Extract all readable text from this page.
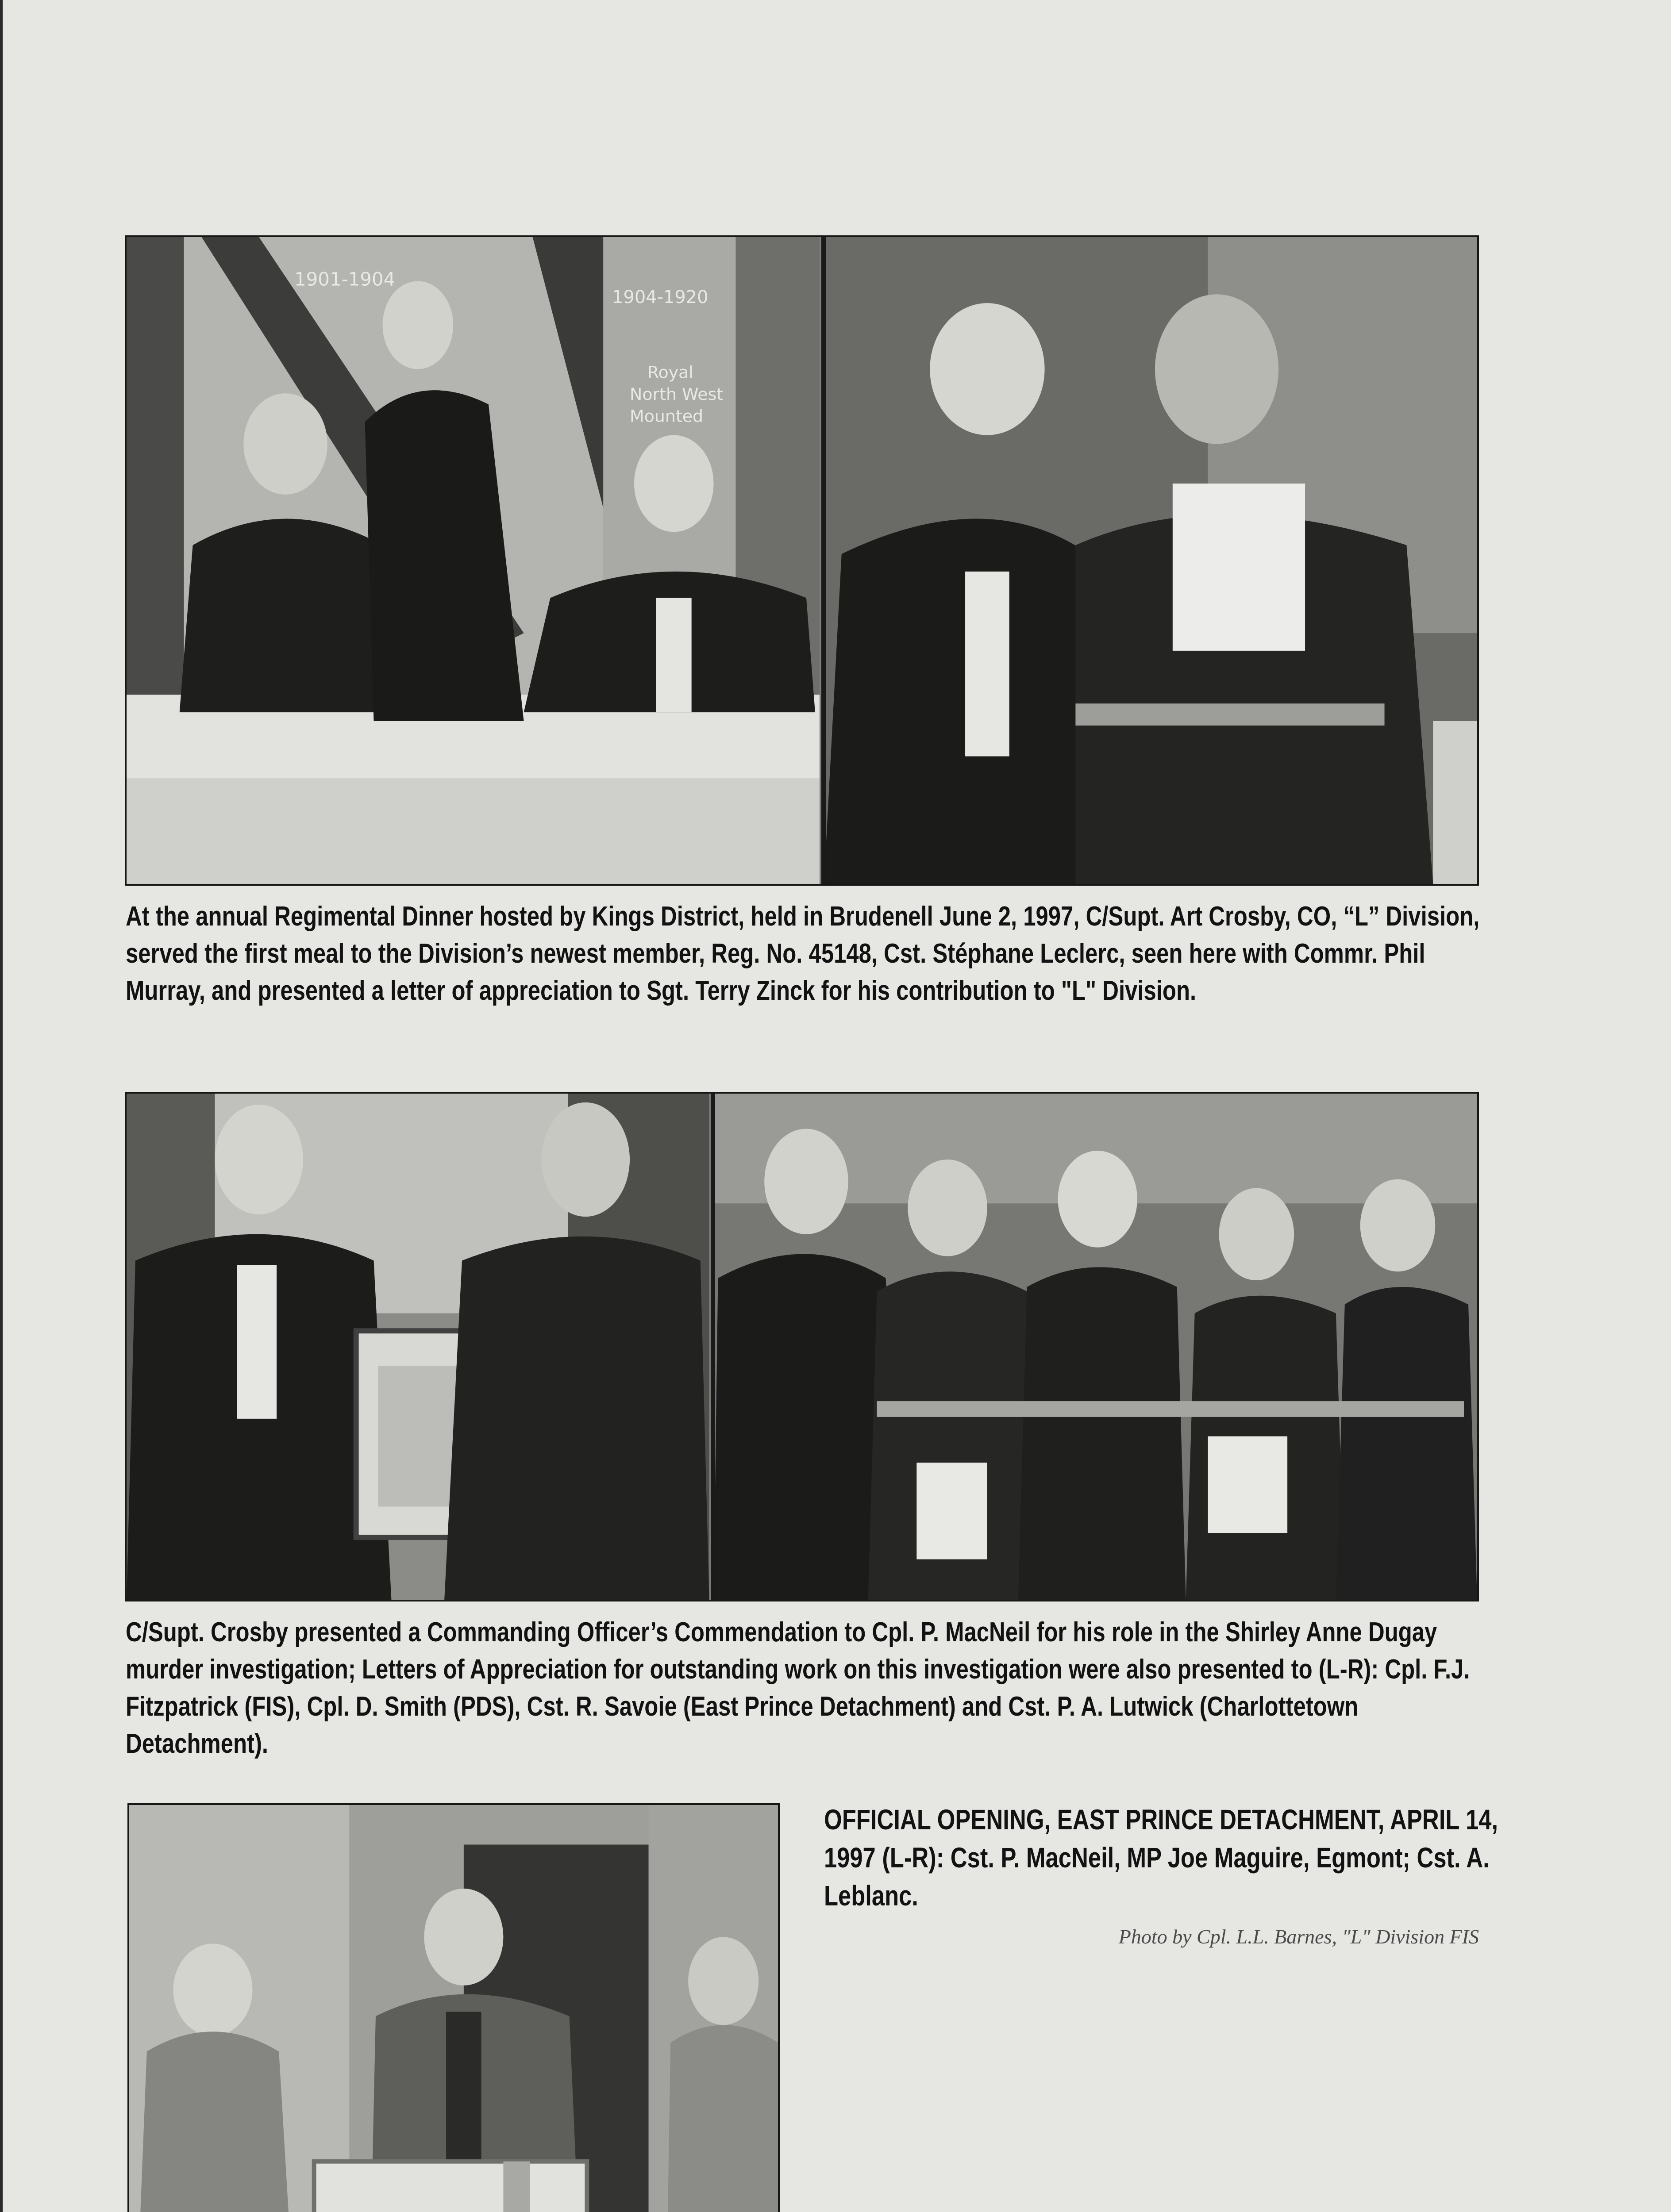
1901-1904
1904-1920
Royal
North West
Mounted

At the annual Regimental Dinner hosted by Kings District, held in Brudenell June 2, 1997, C/Supt. Art Crosby, CO, “L” Division, served the first meal to the Division’s newest member, Reg. No. 45148, Cst. Stéphane Leclerc, seen here with Commr. Phil Murray, and presented a letter of appreciation to Sgt. Terry Zinck for his contribution to "L" Division.

C/Supt. Crosby presented a Commanding Officer’s Commendation to Cpl. P. MacNeil for his role in the Shirley Anne Dugay murder investigation; Letters of Appreciation for outstanding work on this investigation were also presented to (L-R): Cpl. F.J. Fitzpatrick (FIS), Cpl. D. Smith (PDS), Cst. R. Savoie (East Prince Detachment) and Cst. P. A. Lutwick (Charlottetown Detachment).

OFFICIAL OPENING, EAST PRINCE DETACHMENT, APRIL 14, 1997 (L-R): Cst. P. MacNeil, MP Joe Maguire, Egmont; Cst. A. Leblanc.

Photo by Cpl. L.L. Barnes, "L" Division FIS
